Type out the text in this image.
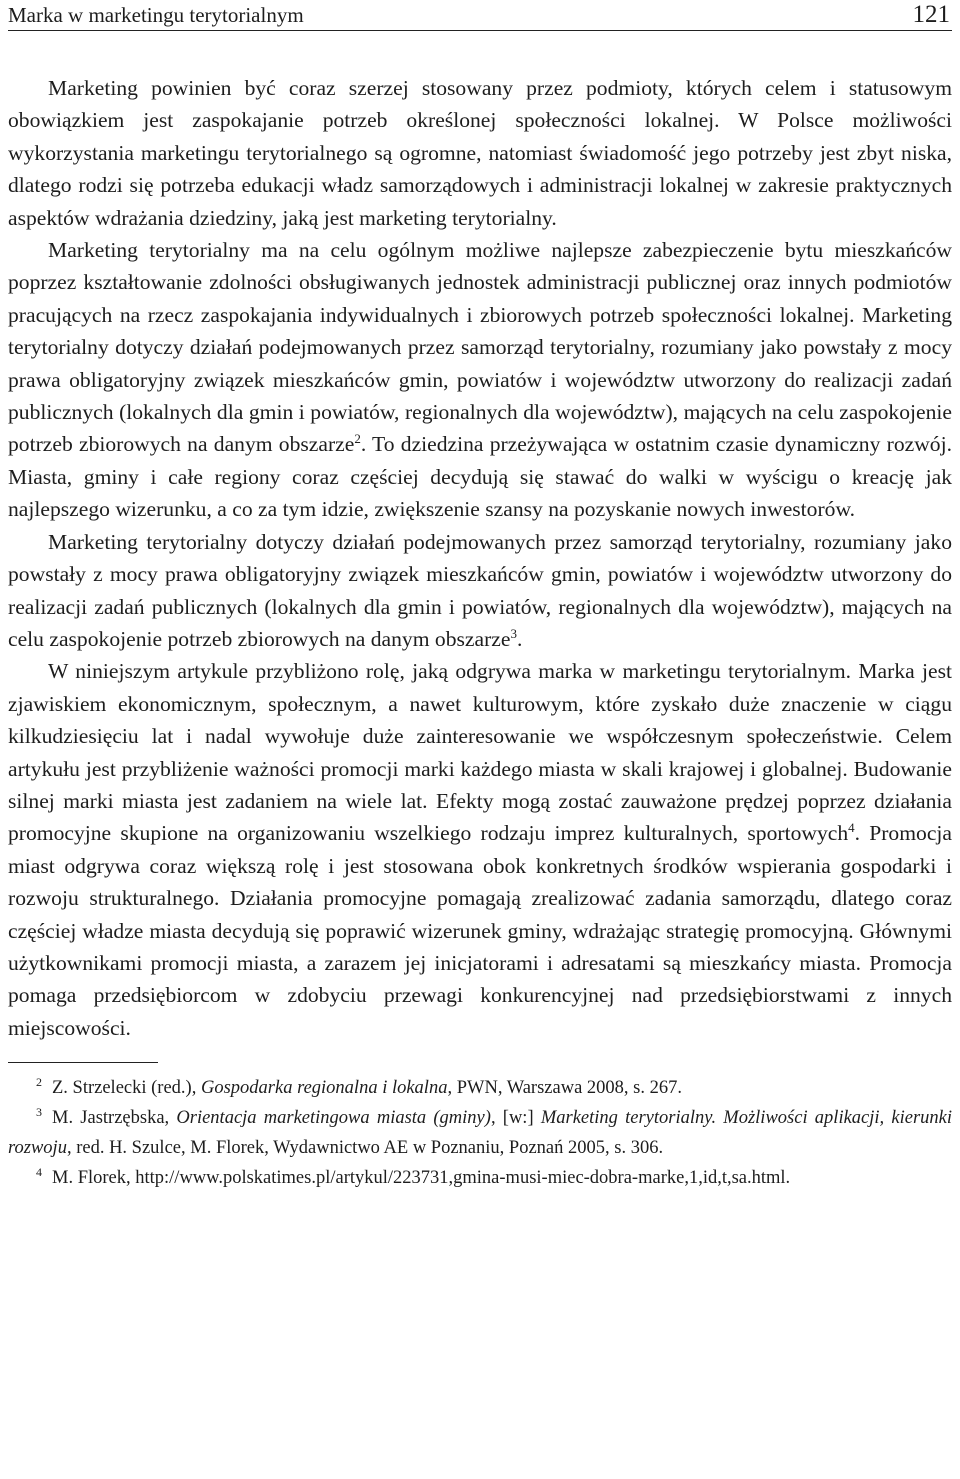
Marka w marketingu terytorialnym	121

Marketing powinien być coraz szerzej stosowany przez podmioty, których celem i statusowym obowiązkiem jest zaspokajanie potrzeb określonej społeczności lokalnej. W Polsce możliwości wykorzystania marketingu terytorialnego są ogromne, natomiast świadomość jego potrzeby jest zbyt niska, dlatego rodzi się potrzeba edukacji władz samorządowych i administracji lokalnej w zakresie praktycznych aspektów wdrażania dziedziny, jaką jest marketing terytorialny.

Marketing terytorialny ma na celu ogólnym możliwe najlepsze zabezpieczenie bytu mieszkańców poprzez kształtowanie zdolności obsługiwanych jednostek administracji publicznej oraz innych podmiotów pracujących na rzecz zaspokajania indywidualnych i zbiorowych potrzeb społeczności lokalnej. Marketing terytorialny dotyczy działań podejmowanych przez samorząd terytorialny, rozumiany jako powstały z mocy prawa obligatoryjny związek mieszkańców gmin, powiatów i województw utworzony do realizacji zadań publicznych (lokalnych dla gmin i powiatów, regionalnych dla województw), mających na celu zaspokojenie potrzeb zbiorowych na danym obszarze$^2$. To dziedzina przeżywająca w ostatnim czasie dynamiczny rozwój. Miasta, gminy i całe regiony coraz częściej decydują się stawać do walki w wyścigu o kreację jak najlepszego wizerunku, a co za tym idzie, zwiększenie szansy na pozyskanie nowych inwestorów.

Marketing terytorialny dotyczy działań podejmowanych przez samorząd terytorialny, rozumiany jako powstały z mocy prawa obligatoryjny związek mieszkańców gmin, powiatów i województw utworzony do realizacji zadań publicznych (lokalnych dla gmin i powiatów, regionalnych dla województw), mających na celu zaspokojenie potrzeb zbiorowych na danym obszarze$^3$.

W niniejszym artykule przybliżono rolę, jaką odgrywa marka w marketingu terytorialnym. Marka jest zjawiskiem ekonomicznym, społecznym, a nawet kulturowym, które zyskało duże znaczenie w ciągu kilkudziesięciu lat i nadal wywołuje duże zainteresowanie we współczesnym społeczeństwie. Celem artykułu jest przybliżenie ważności promocji marki każdego miasta w skali krajowej i globalnej. Budowanie silnej marki miasta jest zadaniem na wiele lat. Efekty mogą zostać zauważone prędzej poprzez działania promocyjne skupione na organizowaniu wszelkiego rodzaju imprez kulturalnych, sportowych$^4$. Promocja miast odgrywa coraz większą rolę i jest stosowana obok konkretnych środków wspierania gospodarki i rozwoju strukturalnego. Działania promocyjne pomagają zrealizować zadania samorządu, dlatego coraz częściej władze miasta decydują się poprawić wizerunek gminy, wdrażając strategię promocyjną. Głównymi użytkownikami promocji miasta, a zarazem jej inicjatorami i adresatami są mieszkańcy miasta. Promocja pomaga przedsiębiorcom w zdobyciu przewagi konkurencyjnej nad przedsiębiorstwami z innych miejscowości.

$^2$ Z. Strzelecki (red.), Gospodarka regionalna i lokalna, PWN, Warszawa 2008, s. 267.

$^3$ M. Jastrzębska, Orientacja marketingowa miasta (gminy), [w:] Marketing terytorialny. Możliwości aplikacji, kierunki rozwoju, red. H. Szulce, M. Florek, Wydawnictwo AE w Poznaniu, Poznań 2005, s. 306.

$^4$ M. Florek, http://www.polskatimes.pl/artykul/223731,gmina-musi-miec-dobra-marke,1,id,t,sa.html.
